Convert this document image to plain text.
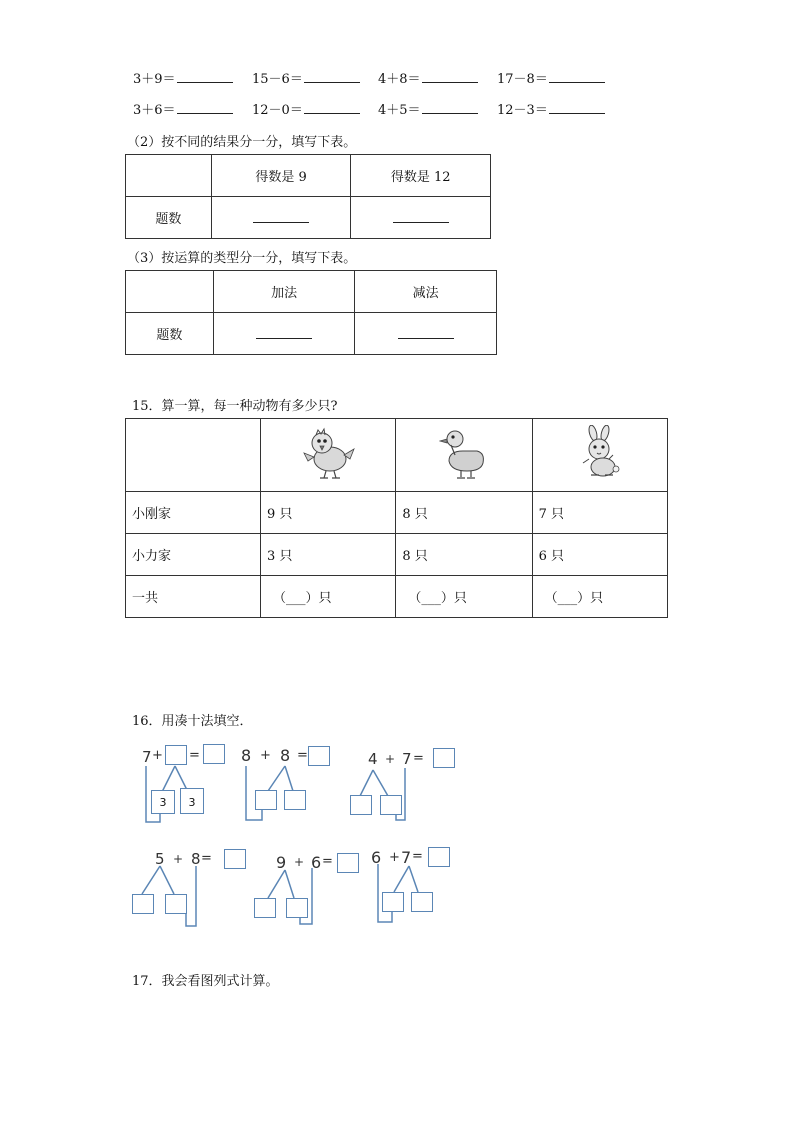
3＋9＝	15－6＝	4＋8＝	17－8＝
3＋6＝	12－0＝	4＋5＝	12－3＝
（2）按不同的结果分一分，填写下表。
	得数是 9	得数是 12
题数		
（3）按运算的类型分一分，填写下表。
	加法	减法
题数		
15．算一算，每一种动物有多少只?

小刚家	9 只	8 只	7 只
小力家	3 只	8 只	6 只
一共	（___）只	（___）只	（___）只
16．用凑十法填空．
7 + =
3	3
8 + 8 =	4 + 7 =
5 + 8 =	9 + 6 = 6 + 7 =
17．我会看图列式计算。
